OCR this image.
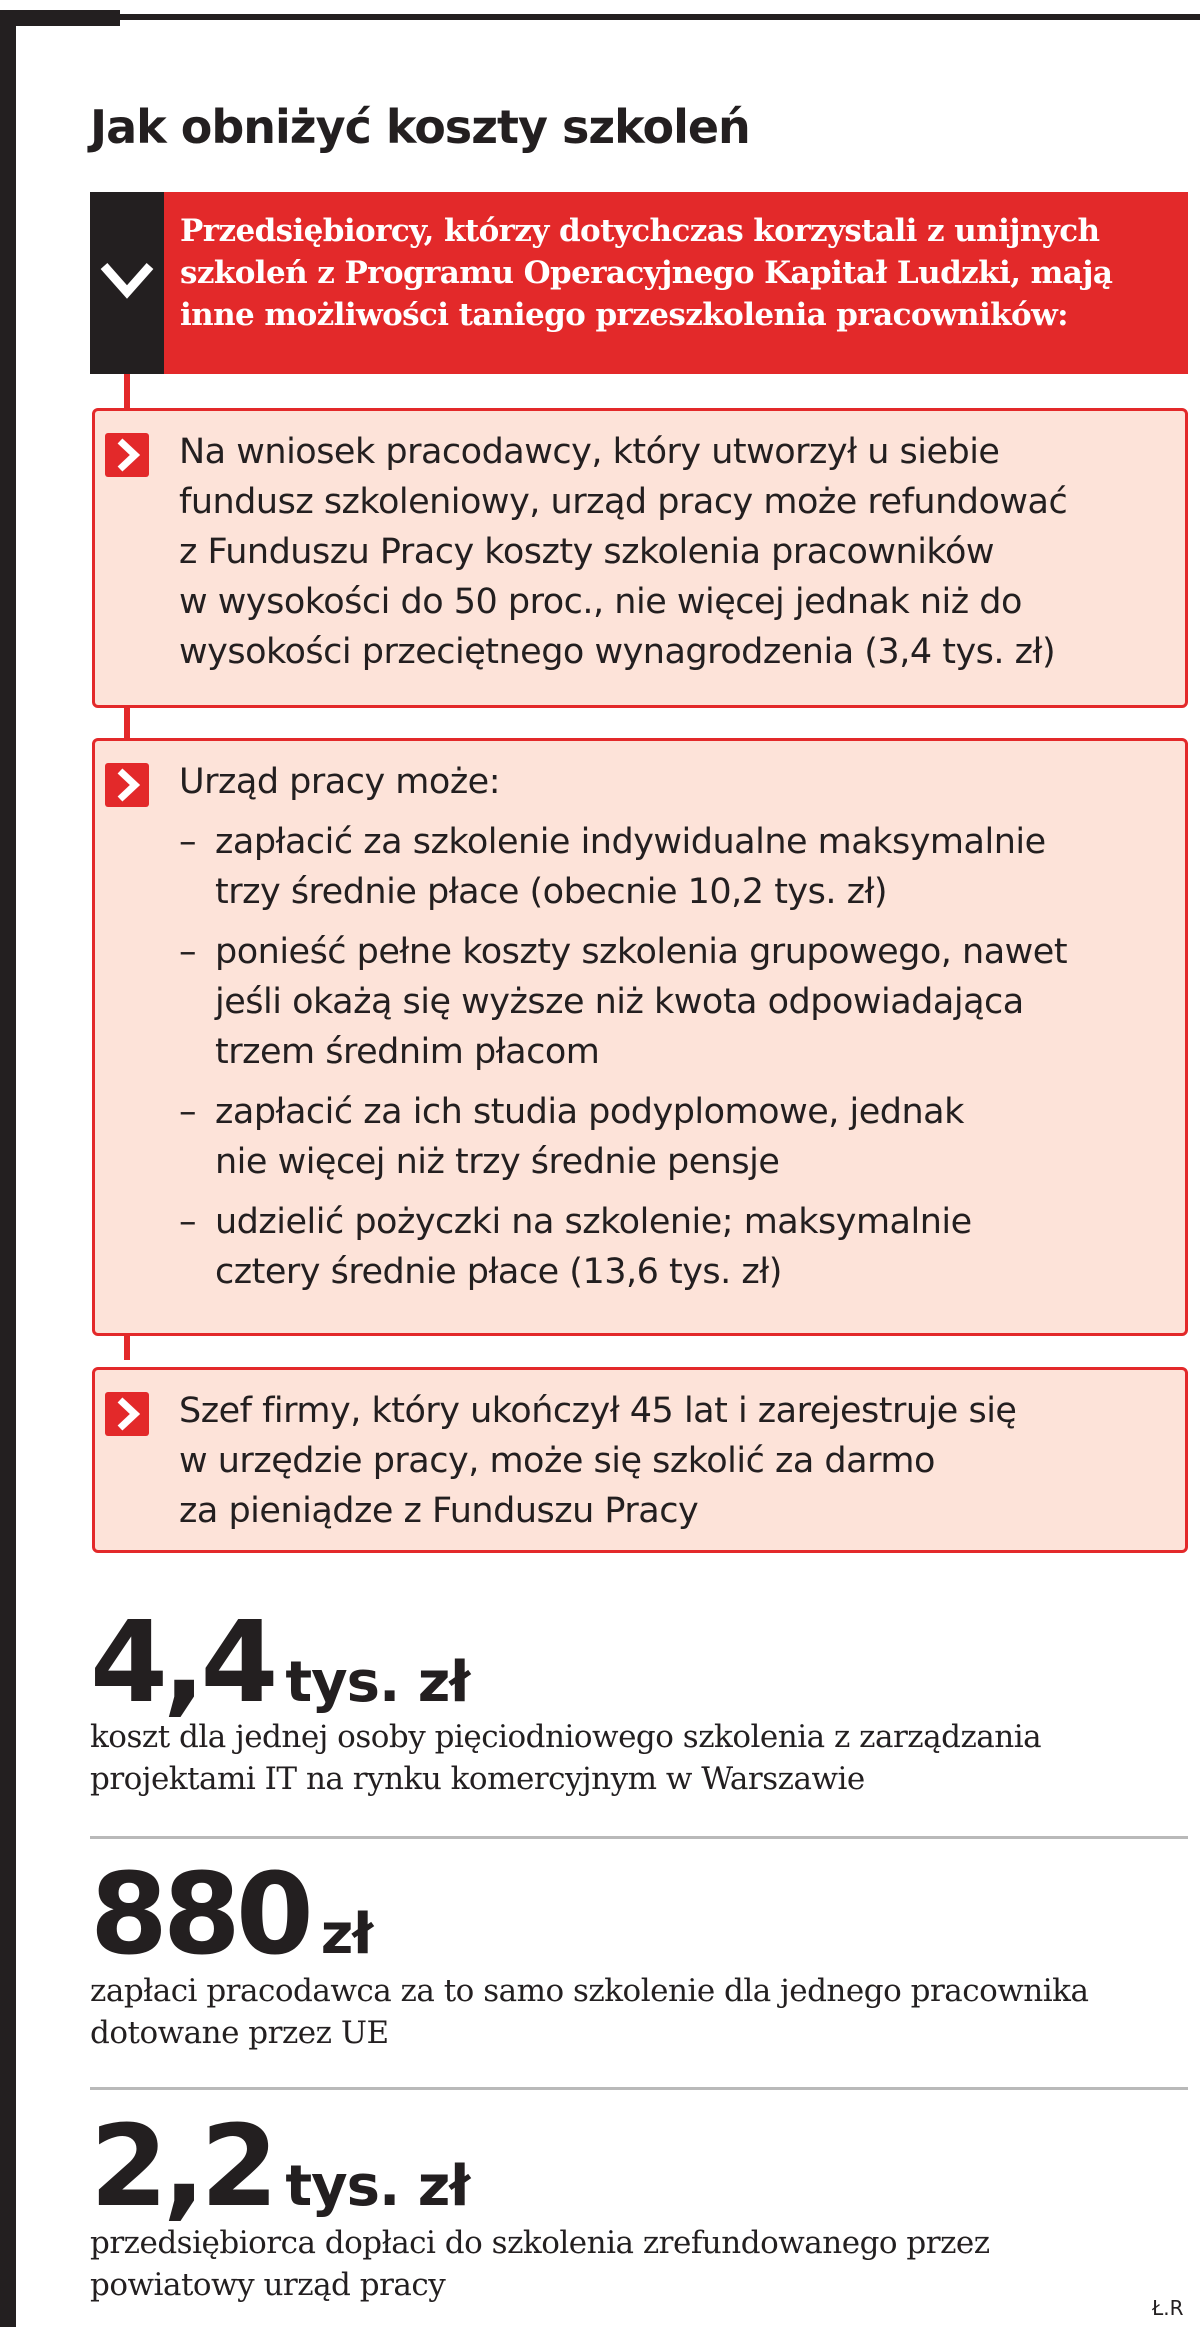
Jak obniżyć koszty szkoleń
Przedsiębiorcy, którzy dotychczas korzystali z unijnych
szkoleń z Programu Operacyjnego Kapitał Ludzki, mają
inne możliwości taniego przeszkolenia pracowników:
Na wniosek pracodawcy, który utworzył u siebie
fundusz szkoleniowy, urząd pracy może refundować
z Funduszu Pracy koszty szkolenia pracowników
w wysokości do 50 proc., nie więcej jednak niż do
wysokości przeciętnego wynagrodzenia (3,4 tys. zł)
Urząd pracy może:
– zapłacić za szkolenie indywidualne maksymalnie
trzy średnie płace (obecnie 10,2 tys. zł)
– ponieść pełne koszty szkolenia grupowego, nawet
jeśli okażą się wyższe niż kwota odpowiadająca
trzem średnim płacom
– zapłacić za ich studia podyplomowe, jednak
nie więcej niż trzy średnie pensje
– udzielić pożyczki na szkolenie; maksymalnie
cztery średnie płace (13,6 tys. zł)
Szef firmy, który ukończył 45 lat i zarejestruje się
w urzędzie pracy, może się szkolić za darmo
za pieniądze z Funduszu Pracy
4,4 tys. zł
koszt dla jednej osoby pięciodniowego szkolenia z zarządzania
projektami IT na rynku komercyjnym w Warszawie
880 zł
zapłaci pracodawca za to samo szkolenie dla jednego pracownika
dotowane przez UE
2,2 tys. zł
przedsiębiorca dopłaci do szkolenia zrefundowanego przez
powiatowy urząd pracy
Ł.R
